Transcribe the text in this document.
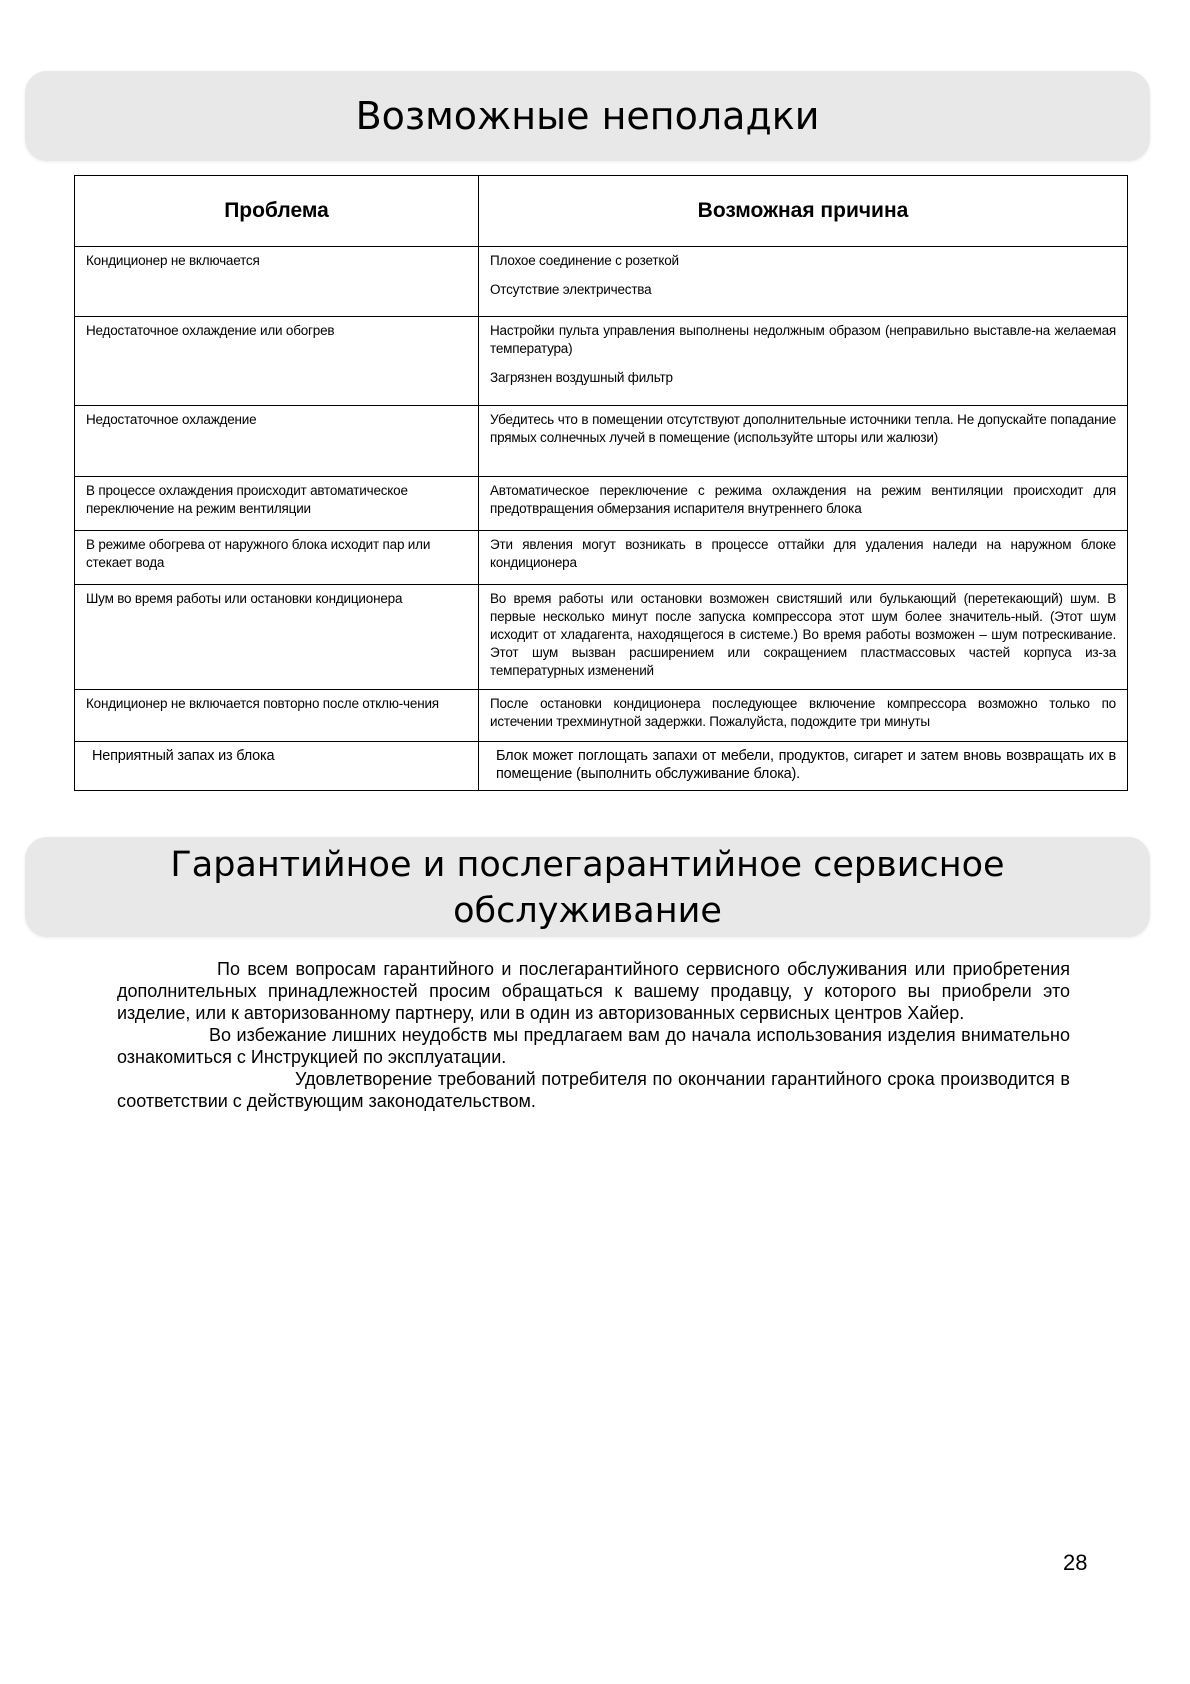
Возможные неполадки
Проблема	Возможная причина
Кондиционер не включается	Плохое соединение с розеткой
Отсутствие электричества

Недостаточное охлаждение или обогрев	Настройки пульта управления выполнены недолжным образом (неправильно выставле-на желаемая температура)
Загрязнен воздушный фильтр

Недостаточное охлаждение	Убедитесь что в помещении отсутствуют дополнительные источники тепла. Не допускайте попадание прямых солнечных лучей в помещение (используйте шторы или жалюзи)
В процессе охлаждения происходит автоматическое переключение на режим вентиляции	Автоматическое переключение с режима охлаждения на режим вентиляции происходит для предотвращения обмерзания испарителя внутреннего блока
В режиме обогрева от наружного блока исходит пар или стекает вода	Эти явления могут возникать в процессе оттайки для удаления наледи на наружном блоке кондиционера
Шум во время работы или остановки кондиционера	Во время работы или остановки возможен свистяший или булькающий (перетекающий) шум. В первые несколько минут после запуска компрессора этот шум более значитель-ный. (Этот шум исходит от хладагента, находящегося в системе.) Во время работы возможен – шум потрескивание. Этот шум вызван расширением или сокращением пластмассовых частей корпуса из-за температурных изменений
Кондиционер не включается повторно после отклю-чения	После остановки кондиционера последующее включение компрессора возможно только по истечении трехминутной задержки. Пожалуйста, подождите три минуты
Неприятный запах из блока	Блок может поглощать запахи от мебели, продуктов, сигарет и затем вновь возвращать их в помещение (выполнить обслуживание блока).
Гарантийное и послегарантийное сервисное
обслуживание

По всем вопросам гарантийного и послегарантийного сервисного обслуживания или приобретения дополнительных принадлежностей просим обращаться к вашему продавцу, у которого вы приобрели это изделие, или к авторизованному партнеру, или в один из авторизованных сервисных центров Хайер.

Во избежание лишних неудобств мы предлагаем вам до начала использования изделия внимательно ознакомиться с Инструкцией по эксплуатации.

Удовлетворение требований потребителя по окончании гарантийного срока производится в соответствии с действующим законодательством.

28
